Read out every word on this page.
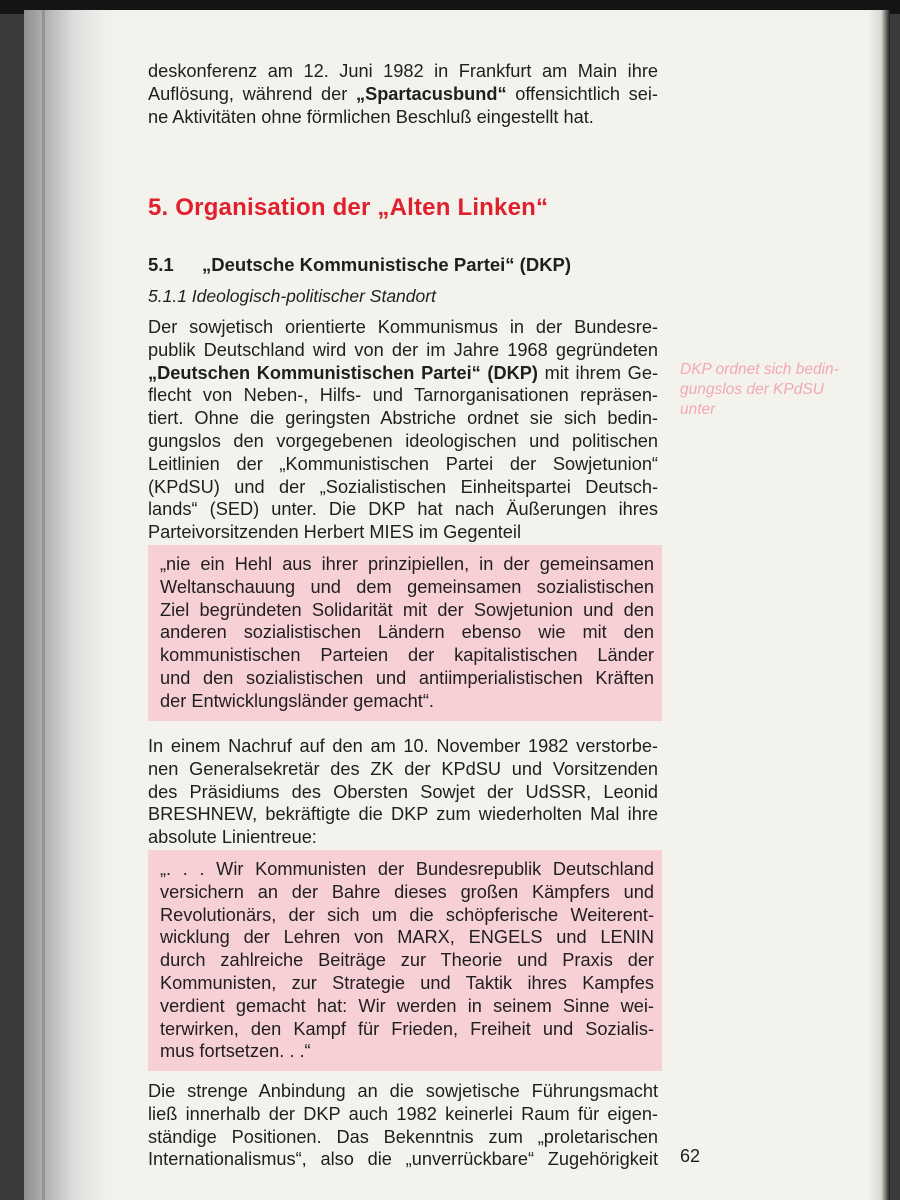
deskonferenz am 12. Juni 1982 in Frankfurt am Main ihre
Auflösung, während der „Spartacusbund“ offensichtlich sei-
ne Aktivitäten ohne förmlichen Beschluß eingestellt hat.
5. Organisation der „Alten Linken“
5.1 „Deutsche Kommunistische Partei“ (DKP)
5.1.1 Ideologisch-politischer Standort
Der sowjetisch orientierte Kommunismus in der Bundesre-
publik Deutschland wird von der im Jahre 1968 gegründeten
„Deutschen Kommunistischen Partei“ (DKP) mit ihrem Ge-
flecht von Neben-, Hilfs- und Tarnorganisationen repräsen-
tiert. Ohne die geringsten Abstriche ordnet sie sich bedin-
gungslos den vorgegebenen ideologischen und politischen
Leitlinien der „Kommunistischen Partei der Sowjetunion“
(KPdSU) und der „Sozialistischen Einheitspartei Deutsch-
lands“ (SED) unter. Die DKP hat nach Äußerungen ihres
Parteivorsitzenden Herbert MIES im Gegenteil
DKP ordnet sich bedin-
gungslos der KPdSU
unter
„nie ein Hehl aus ihrer prinzipiellen, in der gemeinsamen
Weltanschauung und dem gemeinsamen sozialistischen
Ziel begründeten Solidarität mit der Sowjetunion und den
anderen sozialistischen Ländern ebenso wie mit den
kommunistischen Parteien der kapitalistischen Länder
und den sozialistischen und antiimperialistischen Kräften
der Entwicklungsländer gemacht“.
In einem Nachruf auf den am 10. November 1982 verstorbe-
nen Generalsekretär des ZK der KPdSU und Vorsitzenden
des Präsidiums des Obersten Sowjet der UdSSR, Leonid
BRESHNEW, bekräftigte die DKP zum wiederholten Mal ihre
absolute Linientreue:
„. . . Wir Kommunisten der Bundesrepublik Deutschland
versichern an der Bahre dieses großen Kämpfers und
Revolutionärs, der sich um die schöpferische Weiterent-
wicklung der Lehren von MARX, ENGELS und LENIN
durch zahlreiche Beiträge zur Theorie und Praxis der
Kommunisten, zur Strategie und Taktik ihres Kampfes
verdient gemacht hat: Wir werden in seinem Sinne wei-
terwirken, den Kampf für Frieden, Freiheit und Sozialis-
mus fortsetzen. . .“
Die strenge Anbindung an die sowjetische Führungsmacht
ließ innerhalb der DKP auch 1982 keinerlei Raum für eigen-
ständige Positionen. Das Bekenntnis zum „proletarischen
Internationalismus“, also die „unverrückbare“ Zugehörigkeit 62
